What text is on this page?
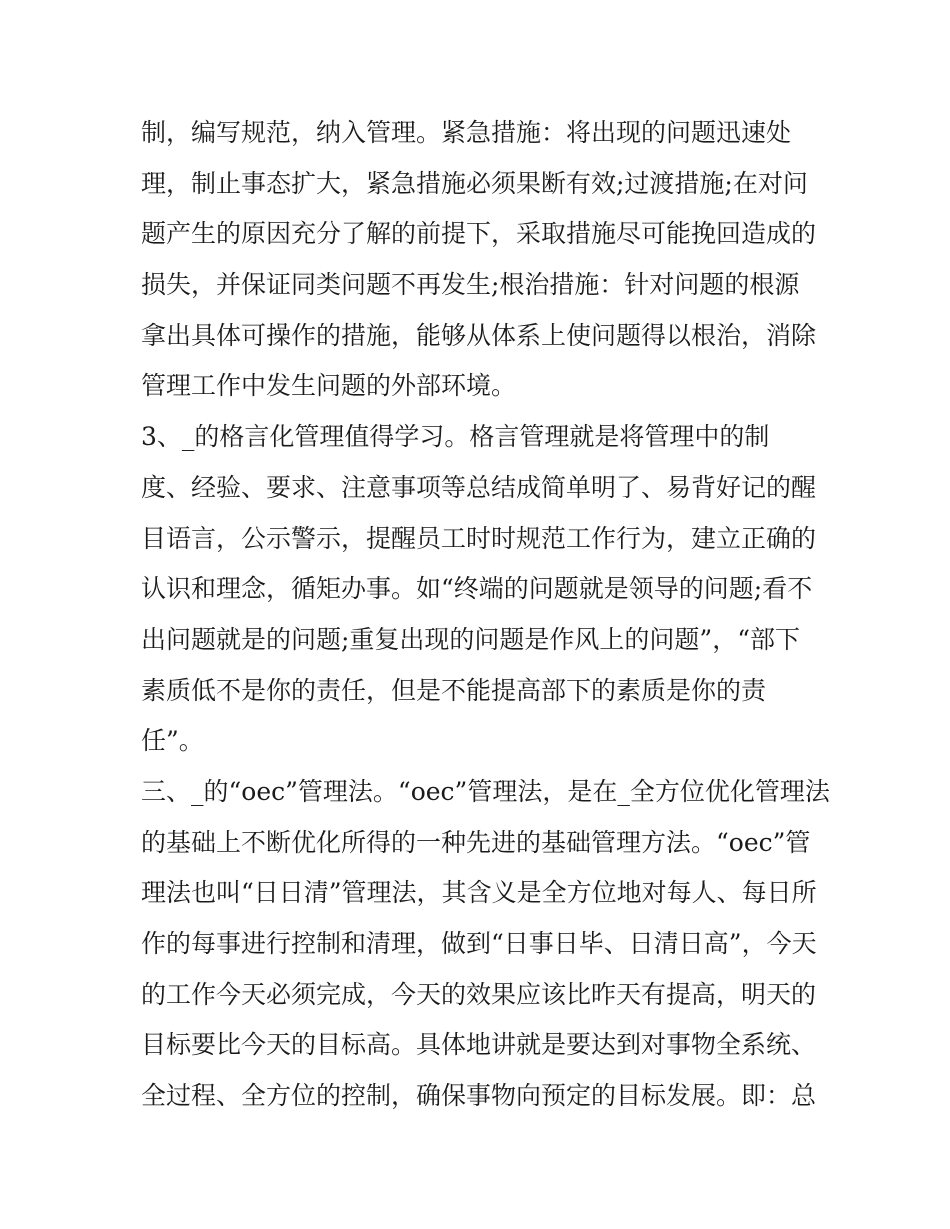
制，编写规范，纳入管理。紧急措施：将出现的问题迅速处
理，制止事态扩大，紧急措施必须果断有效;过渡措施;在对问
题产生的原因充分了解的前提下，采取措施尽可能挽回造成的
损失，并保证同类问题不再发生;根治措施：针对问题的根源
拿出具体可操作的措施，能够从体系上使问题得以根治，消除
管理工作中发生问题的外部环境。
3、_的格言化管理值得学习。格言管理就是将管理中的制
度、经验、要求、注意事项等总结成简单明了、易背好记的醒
目语言，公示警示，提醒员工时时规范工作行为，建立正确的
认识和理念，循矩办事。如“终端的问题就是领导的问题;看不
出问题就是的问题;重复出现的问题是作风上的问题”，“部下
素质低不是你的责任，但是不能提高部下的素质是你的责
任”。
三、_的“oec”管理法。“oec”管理法，是在_全方位优化管理法
的基础上不断优化所得的一种先进的基础管理方法。“oec”管
理法也叫“日日清”管理法，其含义是全方位地对每人、每日所
作的每事进行控制和清理，做到“日事日毕、日清日高”，今天
的工作今天必须完成，今天的效果应该比昨天有提高，明天的
目标要比今天的目标高。具体地讲就是要达到对事物全系统、
全过程、全方位的控制，确保事物向预定的目标发展。即：总
